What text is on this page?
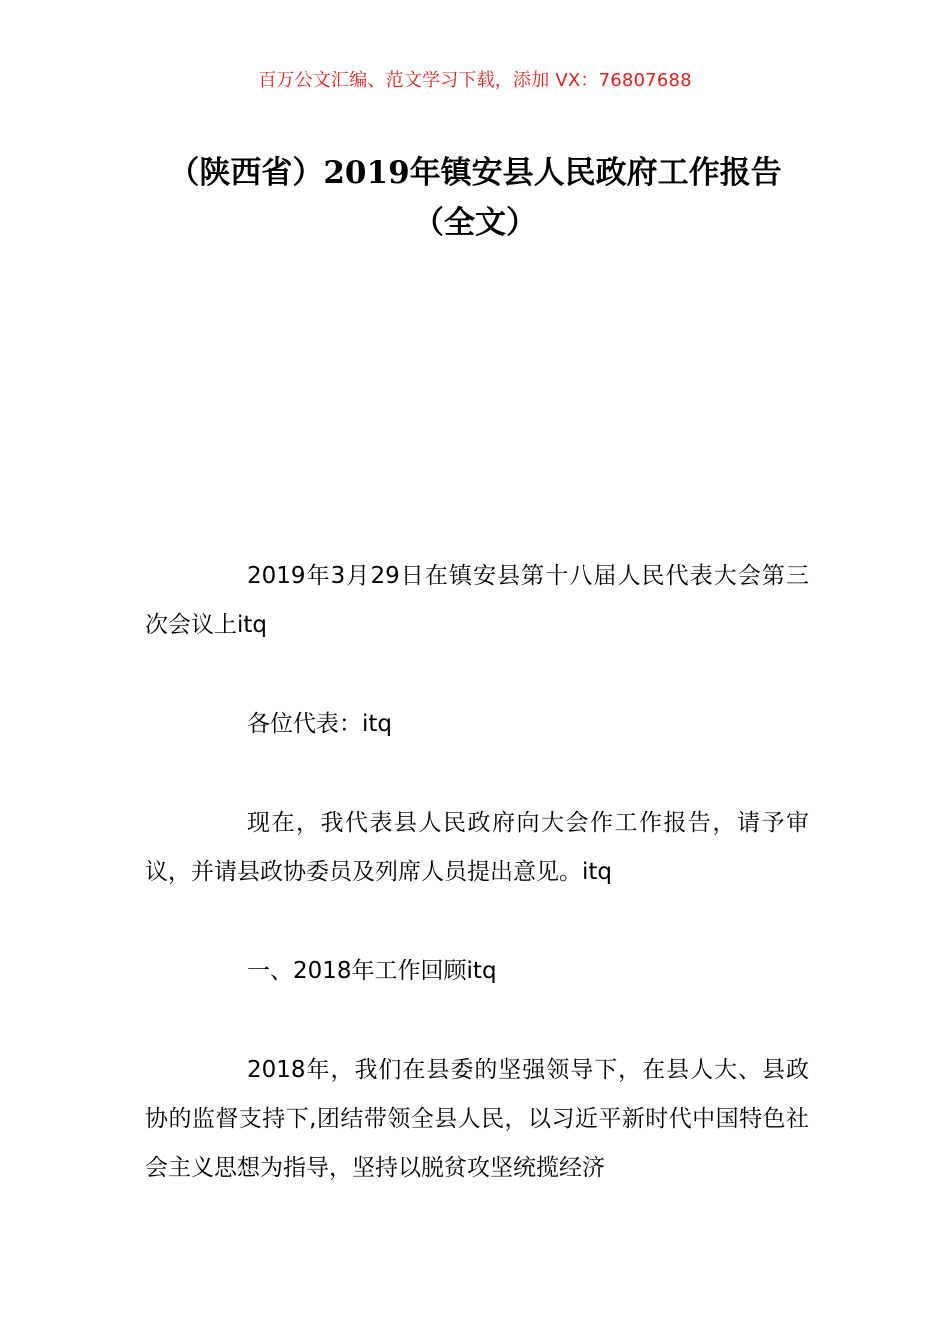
百万公文汇编、范文学习下载，添加 VX：76807688
（陕西省）2019年镇安县人民政府工作报告（全文）

2019年3月29日在镇安县第十八届人民代表大会第三次会议上itq

各位代表：itq

现在，我代表县人民政府向大会作工作报告，请予审议，并请县政协委员及列席人员提出意见。itq

一、2018年工作回顾itq

2018年，我们在县委的坚强领导下，在县人大、县政协的监督支持下,团结带领全县人民，以习近平新时代中国特色社会主义思想为指导，坚持以脱贫攻坚统揽经济
